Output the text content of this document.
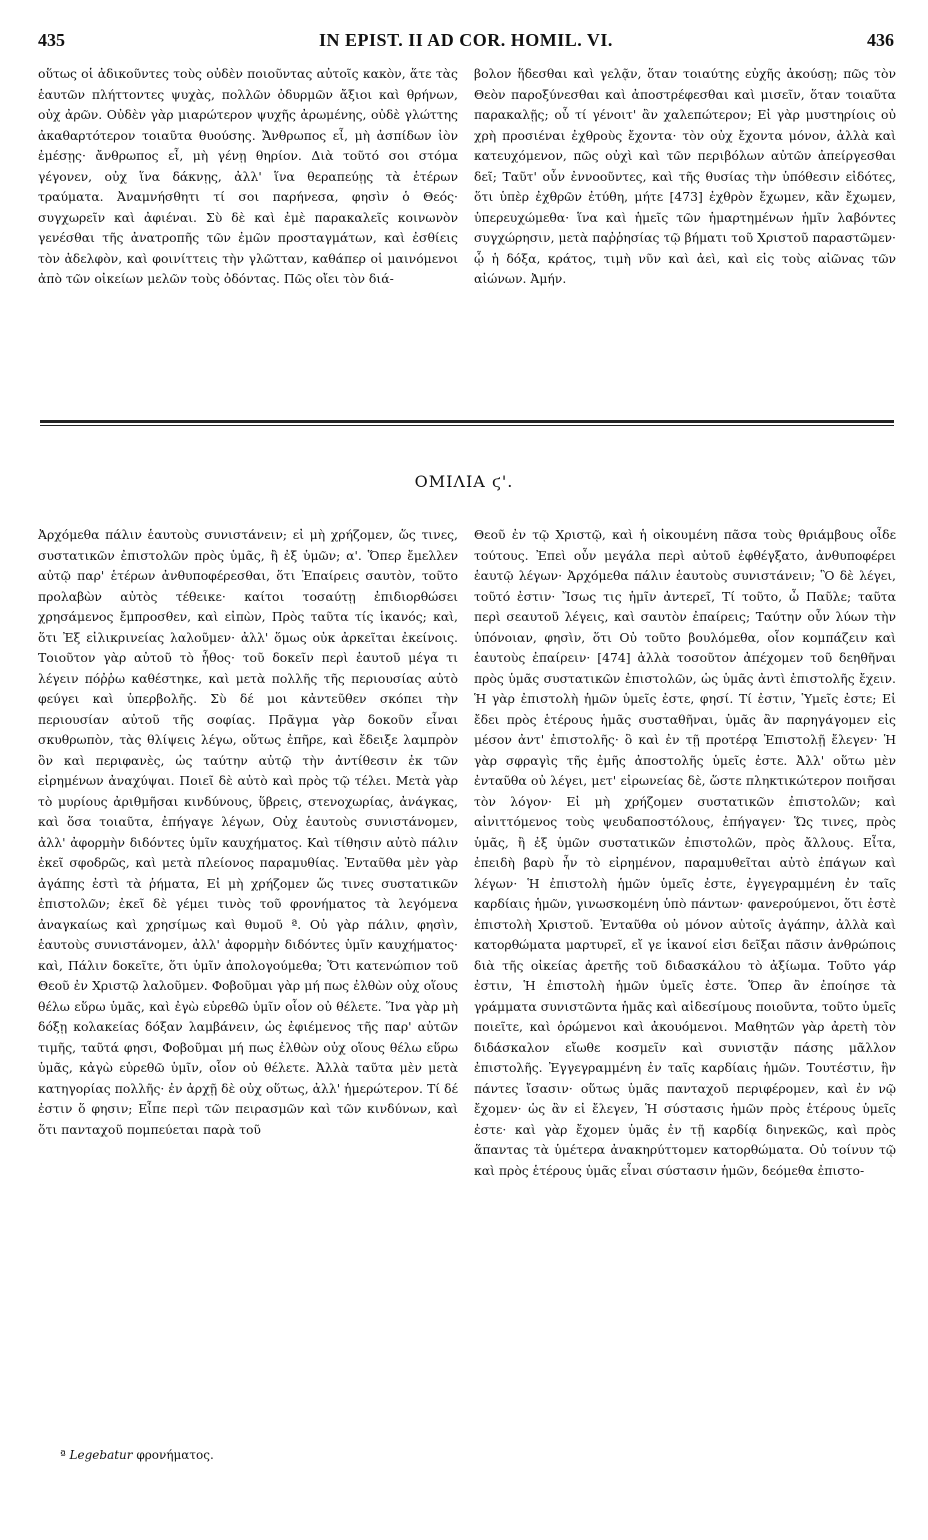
435	IN EPIST. II AD COR. HOMIL. VI.	436

οὕτως οἱ ἀδικοῦντες τοὺς οὐδὲν ποιοῦντας αὐτοῖς κακὸν, ἅτε τὰς ἑαυτῶν πλήττοντες ψυχὰς, πολλῶν ὀδυρμῶν ἄξιοι καὶ θρήνων, οὐχ ἀρῶν. Οὐδὲν γὰρ μιαρώτερον ψυχῆς ἀρωμένης, οὐδὲ γλώττης ἀκαθαρτότερον τοιαῦτα θυούσης. Ἄνθρωπος εἶ, μὴ ἀσπίδων ἰὸν ἐμέσῃς· ἄνθρωπος εἶ, μὴ γένῃ θηρίον. Διὰ τοῦτό σοι στόμα γέγονεν, οὐχ ἵνα δάκνῃς, ἀλλ' ἵνα θεραπεύῃς τὰ ἑτέρων τραύματα. Ἀναμνήσθητι τί σοι παρήνεσα, φησὶν ὁ Θεός· συγχωρεῖν καὶ ἀφιέναι. Σὺ δὲ καὶ ἐμὲ παρακαλεῖς κοινωνὸν γενέσθαι τῆς ἀνατροπῆς τῶν ἐμῶν προσταγμάτων, καὶ ἐσθίεις τὸν ἀδελφὸν, καὶ φοινίττεις τὴν γλῶτταν, καθάπερ οἱ μαινόμενοι ἀπὸ τῶν οἰκείων μελῶν τοὺς ὀδόντας. Πῶς οἴει τὸν διά-

βολον ἥδεσθαι καὶ γελᾷν, ὅταν τοιαύτης εὐχῆς ἀκούσῃ; πῶς τὸν Θεὸν παροξύνεσθαι καὶ ἀποστρέφεσθαι καὶ μισεῖν, ὅταν τοιαῦτα παρακαλῇς; οὗ τί γένοιτ' ἂν χαλεπώτερον; Εἰ γὰρ μυστηρίοις οὐ χρὴ προσιέναι ἐχθροὺς ἔχοντα· τὸν οὐχ ἔχοντα μόνον, ἀλλὰ καὶ κατευχόμενον, πῶς οὐχὶ καὶ τῶν περιβόλων αὐτῶν ἀπείργεσθαι δεῖ; Ταῦτ' οὖν ἐννοοῦντες, καὶ τῆς θυσίας τὴν ὑπόθεσιν εἰδότες, ὅτι ὑπὲρ ἐχθρῶν ἐτύθη, μήτε [473] ἐχθρὸν ἔχωμεν, κἂν ἔχωμεν, ὑπερευχώμεθα· ἵνα καὶ ἡμεῖς τῶν ἡμαρτημένων ἡμῖν λαβόντες συγχώρησιν, μετὰ παῤῥησίας τῷ βήματι τοῦ Χριστοῦ παραστῶμεν· ᾧ ἡ δόξα, κράτος, τιμὴ νῦν καὶ ἀεὶ, καὶ εἰς τοὺς αἰῶνας τῶν αἰώνων. Ἀμήν.

ΟΜΙΛΙΑ ϛ'.

Ἀρχόμεθα πάλιν ἑαυτοὺς συνιστάνειν; εἰ μὴ χρήζομεν, ὥς τινες, συστατικῶν ἐπιστολῶν πρὸς ὑμᾶς, ἢ ἐξ ὑμῶν; α'. Ὅπερ ἔμελλεν αὐτῷ παρ' ἑτέρων ἀνθυποφέρεσθαι, ὅτι Ἐπαίρεις σαυτὸν, τοῦτο προλαβὼν αὐτὸς τέθεικε· καίτοι τοσαύτῃ ἐπιδιορθώσει χρησάμενος ἔμπροσθεν, καὶ εἰπὼν, Πρὸς ταῦτα τίς ἱκανός; καὶ, ὅτι Ἐξ εἰλικρινείας λαλοῦμεν· ἀλλ' ὅμως οὐκ ἀρκεῖται ἐκείνοις. Τοιοῦτον γὰρ αὐτοῦ τὸ ἦθος· τοῦ δοκεῖν περὶ ἑαυτοῦ μέγα τι λέγειν πόῤῥω καθέστηκε, καὶ μετὰ πολλῆς τῆς περιουσίας αὐτὸ φεύγει καὶ ὑπερβολῆς. Σὺ δέ μοι κἀντεῦθεν σκόπει τὴν περιουσίαν αὐτοῦ τῆς σοφίας. Πρᾶγμα γὰρ δοκοῦν εἶναι σκυθρωπὸν, τὰς θλίψεις λέγω, οὕτως ἐπῆρε, καὶ ἔδειξε λαμπρὸν ὂν καὶ περιφανὲς, ὡς ταύτην αὐτῷ τὴν ἀντίθεσιν ἐκ τῶν εἰρημένων ἀναχύψαι. Ποιεῖ δὲ αὐτὸ καὶ πρὸς τῷ τέλει. Μετὰ γὰρ τὸ μυρίους ἀριθμῆσαι κινδύνους, ὕβρεις, στενοχωρίας, ἀνάγκας, καὶ ὅσα τοιαῦτα, ἐπήγαγε λέγων, Οὐχ ἑαυτοὺς συνιστάνομεν, ἀλλ' ἀφορμὴν διδόντες ὑμῖν καυχήματος. Καὶ τίθησιν αὐτὸ πάλιν ἐκεῖ σφοδρῶς, καὶ μετὰ πλείονος παραμυθίας. Ἐνταῦθα μὲν γὰρ ἀγάπης ἐστὶ τὰ ῥήματα, Εἰ μὴ χρήζομεν ὥς τινες συστατικῶν ἐπιστολῶν; ἐκεῖ δὲ γέμει τινὸς τοῦ φρονήματος τὰ λεγόμενα ἀναγκαίως καὶ χρησίμως καὶ θυμοῦ ª. Οὐ γὰρ πάλιν, φησὶν, ἑαυτοὺς συνιστάνομεν, ἀλλ' ἀφορμὴν διδόντες ὑμῖν καυχήματος· καὶ, Πάλιν δοκεῖτε, ὅτι ὑμῖν ἀπολογούμεθα; Ὅτι κατενώπιον τοῦ Θεοῦ ἐν Χριστῷ λαλοῦμεν. Φοβοῦμαι γὰρ μή πως ἐλθὼν οὐχ οἵους θέλω εὕρω ὑμᾶς, καὶ ἐγὼ εὑρεθῶ ὑμῖν οἷον οὐ θέλετε. Ἵνα γὰρ μὴ δόξῃ κολακείας δόξαν λαμβάνειν, ὡς ἐφιέμενος τῆς παρ' αὐτῶν τιμῆς, ταῦτά φησι, Φοβοῦμαι μή πως ἐλθὼν οὐχ οἵους θέλω εὕρω ὑμᾶς, κἀγὼ εὑρεθῶ ὑμῖν, οἷον οὐ θέλετε. Ἀλλὰ ταῦτα μὲν μετὰ κατηγορίας πολλῆς· ἐν ἀρχῇ δὲ οὐχ οὕτως, ἀλλ' ἡμερώτερον. Τί δέ ἐστιν ὅ φησιν; Εἶπε περὶ τῶν πειρασμῶν καὶ τῶν κινδύνων, καὶ ὅτι πανταχοῦ πομπεύεται παρὰ τοῦ

Θεοῦ ἐν τῷ Χριστῷ, καὶ ἡ οἰκουμένη πᾶσα τοὺς θριάμβους οἶδε τούτους. Ἐπεὶ οὖν μεγάλα περὶ αὐτοῦ ἐφθέγξατο, ἀνθυποφέρει ἑαυτῷ λέγων· Ἀρχόμεθα πάλιν ἑαυτοὺς συνιστάνειν; Ὃ δὲ λέγει, τοῦτό ἐστιν· Ἴσως τις ἡμῖν ἀντερεῖ, Τί τοῦτο, ὦ Παῦλε; ταῦτα περὶ σεαυτοῦ λέγεις, καὶ σαυτὸν ἐπαίρεις; Ταύτην οὖν λύων τὴν ὑπόνοιαν, φησὶν, ὅτι Οὐ τοῦτο βουλόμεθα, οἷον κομπάζειν καὶ ἑαυτοὺς ἐπαίρειν· [474] ἀλλὰ τοσοῦτον ἀπέχομεν τοῦ δεηθῆναι πρὸς ὑμᾶς συστατικῶν ἐπιστολῶν, ὡς ὑμᾶς ἀντὶ ἐπιστολῆς ἔχειν. Ἡ γὰρ ἐπιστολὴ ἡμῶν ὑμεῖς ἐστε, φησί. Τί ἐστιν, Ὑμεῖς ἐστε; Εἰ ἔδει πρὸς ἑτέρους ἡμᾶς συσταθῆναι, ὑμᾶς ἂν παρηγάγομεν εἰς μέσον ἀντ' ἐπιστολῆς· ὃ καὶ ἐν τῇ προτέρᾳ Ἐπιστολῇ ἔλεγεν· Ἡ γὰρ σφραγὶς τῆς ἐμῆς ἀποστολῆς ὑμεῖς ἐστε. Ἀλλ' οὕτω μὲν ἐνταῦθα οὐ λέγει, μετ' εἰρωνείας δὲ, ὥστε πληκτικώτερον ποιῆσαι τὸν λόγον· Εἰ μὴ χρήζομεν συστατικῶν ἐπιστολῶν; καὶ αἰνιττόμενος τοὺς ψευδαποστόλους, ἐπήγαγεν· Ὥς τινες, πρὸς ὑμᾶς, ἢ ἐξ ὑμῶν συστατικῶν ἐπιστολῶν, πρὸς ἄλλους. Εἶτα, ἐπειδὴ βαρὺ ἦν τὸ εἰρημένον, παραμυθεῖται αὐτὸ ἐπάγων καὶ λέγων· Ἡ ἐπιστολὴ ἡμῶν ὑμεῖς ἐστε, ἐγγεγραμμένη ἐν ταῖς καρδίαις ἡμῶν, γινωσκομένη ὑπὸ πάντων· φανερούμενοι, ὅτι ἐστὲ ἐπιστολὴ Χριστοῦ. Ἐνταῦθα οὐ μόνον αὐτοῖς ἀγάπην, ἀλλὰ καὶ κατορθώματα μαρτυρεῖ, εἴ γε ἱκανοί εἰσι δεῖξαι πᾶσιν ἀνθρώποις διὰ τῆς οἰκείας ἀρετῆς τοῦ διδασκάλου τὸ ἀξίωμα. Τοῦτο γάρ ἐστιν, Ἡ ἐπιστολὴ ἡμῶν ὑμεῖς ἐστε. Ὅπερ ἂν ἐποίησε τὰ γράμματα συνιστῶντα ἡμᾶς καὶ αἰδεσίμους ποιοῦντα, τοῦτο ὑμεῖς ποιεῖτε, καὶ ὁρώμενοι καὶ ἀκουόμενοι. Μαθητῶν γὰρ ἀρετὴ τὸν διδάσκαλον εἴωθε κοσμεῖν καὶ συνιστᾷν πάσης μᾶλλον ἐπιστολῆς. Ἐγγεγραμμένη ἐν ταῖς καρδίαις ἡμῶν. Τουτέστιν, ἣν πάντες ἴσασιν· οὕτως ὑμᾶς πανταχοῦ περιφέρομεν, καὶ ἐν νῷ ἔχομεν· ὡς ἂν εἰ ἔλεγεν, Ἡ σύστασις ἡμῶν πρὸς ἑτέρους ὑμεῖς ἐστε· καὶ γὰρ ἔχομεν ὑμᾶς ἐν τῇ καρδίᾳ διηνεκῶς, καὶ πρὸς ἅπαντας τὰ ὑμέτερα ἀνακηρύττομεν κατορθώματα. Οὐ τοίνυν τῷ καὶ πρὸς ἑτέρους ὑμᾶς εἶναι σύστασιν ἡμῶν, δεόμεθα ἐπιστο-

ª Legebatur φρονήματος.
